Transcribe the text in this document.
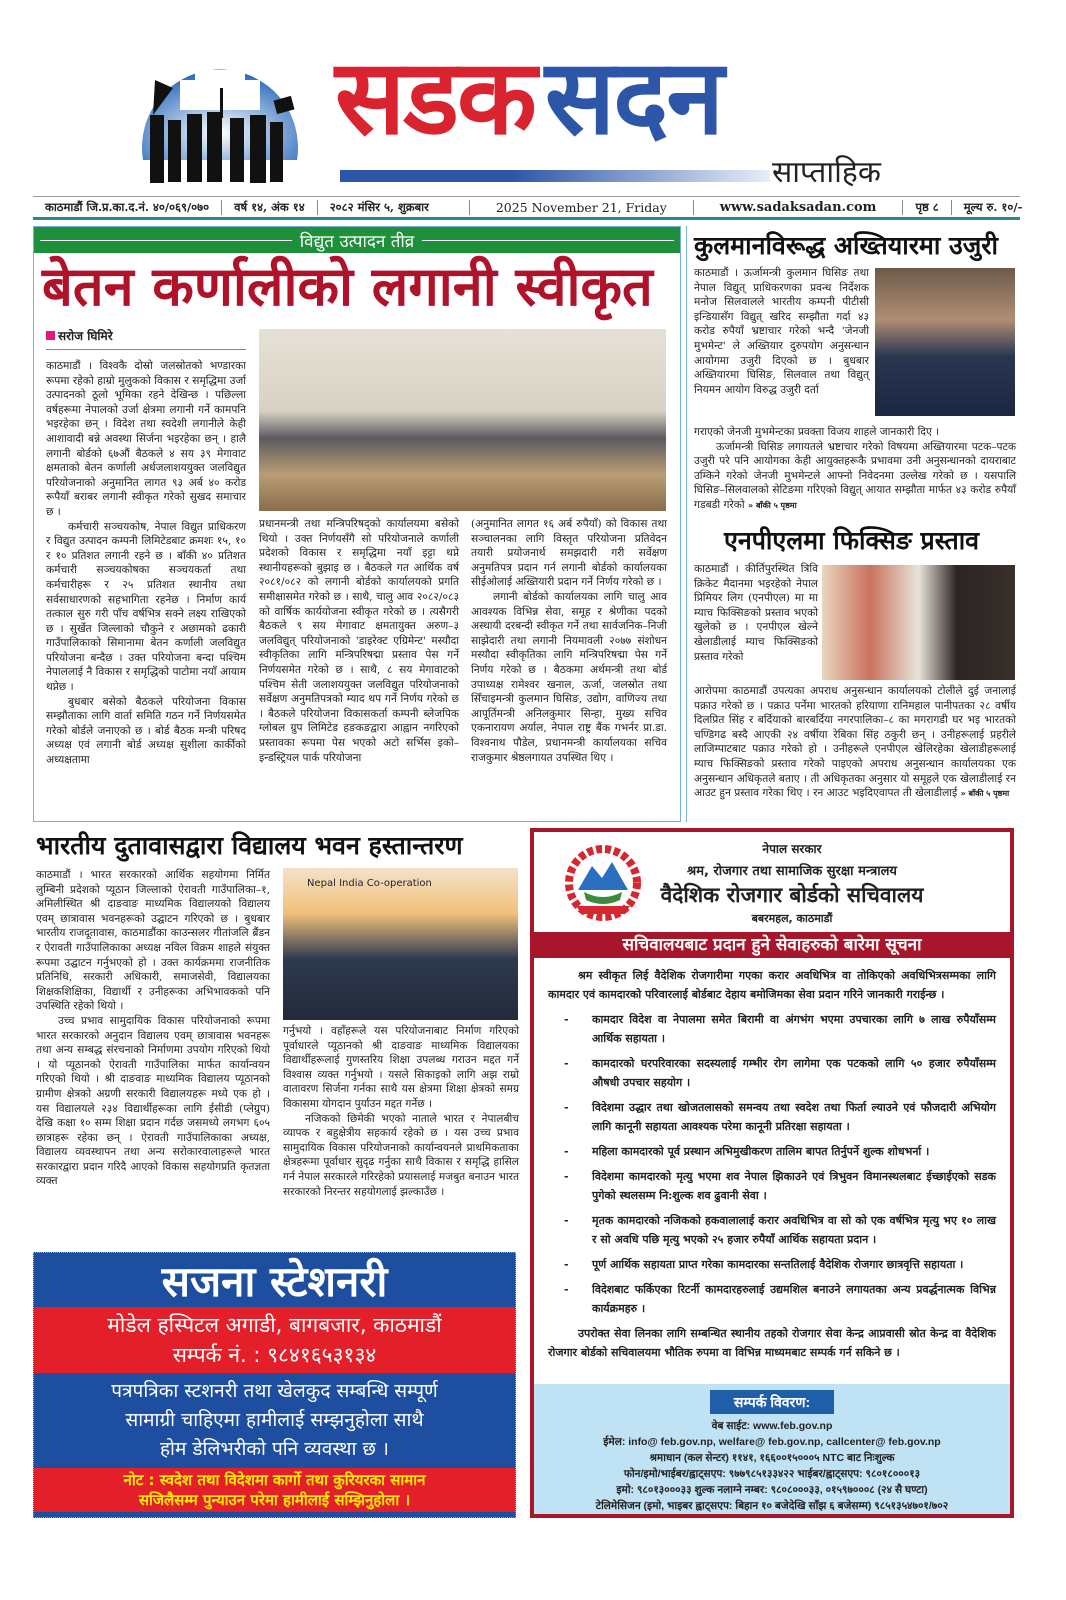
सडकसदन
साप्ताहिक
काठमाडौं जि.प्र.का.द.नं. ४०/०६९/०७०	वर्ष १४, अंक १४	२०८२ मंसिर ५, शुक्रबार	2025 November 21, Friday	www.sadaksadan.com	पृष्ठ ८	मूल्य रु. १०/-
विद्युत उत्पादन तीव्र
बेतन कर्णालीको लगानी स्वीकृत
सरोज घिमिरे

काठमाडौं । विश्वकै दोस्रो जलस्रोतको भण्डारका रूपमा रहेको हाम्रो मुलुकको विकास र समृद्धिमा उर्जा उत्पादनको ठूलो भूमिका रहने देखिन्छ । पछिल्ला वर्षहरूमा नेपालको उर्जा क्षेत्रमा लगानी गर्ने कामपनि भइरहेका छन् । विदेश तथा स्वदेशी लगानीले केही आशावादी बन्ने अवस्था सिर्जना भइरहेका छन् । हालै लगानी बोर्डको ६७औं बैठकले ४ सय ३९ मेगावाट क्षमताको बेतन कर्णाली अर्धजलाशययुक्त जलविद्युत परियोजनाको अनुमानित लागत ९३ अर्ब ४० करोड रूपैयाँ बराबर लगानी स्वीकृत गरेको सुखद समाचार छ ।

कर्मचारी सञ्चयकोष, नेपाल विद्युत प्राधिकरण र विद्युत उत्पादन कम्पनी लिमिटेडबाट क्रमशः १५, १० र १० प्रतिशत लगानी रहने छ । बाँकी ४० प्रतिशत कर्मचारी सञ्चयकोषका सञ्चयकर्ता तथा कर्मचारीहरू र २५ प्रतिशत स्थानीय तथा सर्वसाधारणको सहभागिता रहनेछ । निर्माण कार्य तत्काल सुरु गरी पाँच वर्षभित्र सक्ने लक्ष्य राखिएको छ । सुर्खेत जिल्लाको चौकुने र अछामको ढकारी गाउँपालिकाको सिमानामा बेतन कर्णाली जलविद्युत परियोजना बन्दैछ । उक्त परियोजना बन्दा पश्चिम नेपाललाई नै विकास र समृद्धिको पाटोमा नयाँ आयाम थप्नेछ ।

बुधबार बसेको बैठकले परियोजना विकास सम्झौताका लागि वार्ता समिति गठन गर्ने निर्णयसमेत गरेको बोर्डले जनाएको छ । बोर्ड बैठक मन्त्री परिषद अध्यक्ष एवं लगानी बोर्ड अध्यक्ष सुशीला कार्कीको अध्यक्षतामा

प्रधानमन्त्री तथा मन्त्रिपरिषद्को कार्यालयमा बसेको थियो । उक्त निर्णयसँगै सो परियोजनाले कर्णाली प्रदेशको विकास र समृद्धिमा नयाँ इट्टा थप्ने स्थानीयहरूको बुझाइ छ । बैठकले गत आर्थिक वर्ष २०८१/०८२ को लगानी बोर्डको कार्यालयको प्रगति समीक्षासमेत गरेको छ । साथै, चालु आव २०८२/०८३ को वार्षिक कार्ययोजना स्वीकृत गरेको छ । त्यसैगरी बैठकले ९ सय मेगावाट क्षमतायुक्त अरुण–३ जलविद्युत् परियोजनाको 'डाइरेक्ट एग्रिमेन्ट' मस्यौदा स्वीकृतिका लागि मन्त्रिपरिषद्मा प्रस्ताव पेस गर्ने निर्णयसमेत गरेको छ । साथै, ८ सय मेगावाटको पश्चिम सेती जलाशययुक्त जलविद्युत परियोजनाको सर्वेक्षण अनुमतिपत्रको म्याद थप गर्ने निर्णय गरेको छ । बैठकले परियोजना विकासकर्ता कम्पनी ब्लेजपिक ग्लोबल ग्रुप लिमिटेड हङकङद्वारा आह्वान नगरिएको प्रस्तावका रूपमा पेस भएको अटो सर्भिस इको–इन्डस्ट्रियल पार्क परियोजना

(अनुमानित लागत १६ अर्ब रुपैयाँ) को विकास तथा सञ्चालनका लागि विस्तृत परियोजना प्रतिवेदन तयारी प्रयोजनार्थ समझदारी गरी सर्वेक्षण अनुमतिपत्र प्रदान गर्न लगानी बोर्डको कार्यालयका सीईओलाई अख्तियारी प्रदान गर्ने निर्णय गरेको छ ।

लगानी बोर्डको कार्यालयका लागि चालु आव आवश्यक विभिन्न सेवा, समूह र श्रेणीका पदको अस्थायी दरबन्दी स्वीकृत गर्ने तथा सार्वजनिक–निजी साझेदारी तथा लगानी नियमावली २०७७ संशोधन मस्यौदा स्वीकृतिका लागि मन्त्रिपरिषद्मा पेस गर्ने निर्णय गरेको छ । बैठकमा अर्थमन्त्री तथा बोर्ड उपाध्यक्ष रामेश्वर खनाल, ऊर्जा, जलस्रोत तथा सिँचाइमन्त्री कुलमान घिसिङ, उद्योग, वाणिज्य तथा आपूर्तिमन्त्री अनिलकुमार सिन्हा, मुख्य सचिव एकनारायण अर्याल, नेपाल राष्ट्र बैंक गभर्नर प्रा.डा. विश्वनाथ पौडेल, प्रधानमन्त्री कार्यालयका सचिव राजकुमार श्रेष्ठलगायत उपस्थित थिए ।

कुलमानविरूद्ध अख्तियारमा उजुरी
काठमाडौं । ऊर्जामन्त्री कुलमान घिसिङ तथा नेपाल विद्युत् प्राधिकरणका प्रवन्ध निर्देशक मनोज सिलवालले भारतीय कम्पनी पीटीसी इन्डियासँग विद्युत् खरिद सम्झौता गर्दा ४३ करोड रुपैयाँ भ्रष्टाचार गरेको भन्दै 'जेनजी मुभमेन्ट' ले अख्तियार दुरुपयोग अनुसन्धान आयोगमा उजुरी दिएको छ । बुधबार अख्तियारमा घिसिङ, सिलवाल तथा विद्युत् नियमन आयोग विरुद्ध उजुरी दर्ता

गराएको जेनजी मुभमेन्टका प्रवक्ता विजय शाहले जानकारी दिए ।

ऊर्जामन्त्री घिसिङ लगायतले भ्रष्टाचार गरेको विषयमा अख्तियारमा पटक–पटक उजुरी परे पनि आयोगका केही आयुक्तहरूकै प्रभावमा उनी अनुसन्धानको दायराबाट उम्किने गरेको जेनजी मुभमेन्टले आफ्नो निवेदनमा उल्लेख गरेको छ । यसपालि घिसिङ–सिलवालको सेटिङमा गरिएको विद्युत् आयात सम्झौता मार्फत ४३ करोड रुपैयाँ गडबडी गरेको » बाँकी ५ पृष्ठमा

एनपीएलमा फिक्सिङ प्रस्ताव
काठमाडौं । कीर्तिपुरस्थित त्रिवि क्रिकेट मैदानमा भइरहेको नेपाल प्रिमियर लिग (एनपीएल) मा मा म्याच फिक्सिङको प्रस्ताव भएको खुलेको छ । एनपीएल खेल्ने खेलाडीलाई म्याच फिक्सिङको प्रस्ताव गरेको

आरोपमा काठमाडौं उपत्यका अपराध अनुसन्धान कार्यालयको टोलीले दुई जनालाई पक्राउ गरेको छ । पक्राउ पर्नेमा भारतको हरियाणा रानिमहाल पानीपतका २८ वर्षीय दिलप्रित सिंह र बर्दियाको बारबर्दिया नगरपालिका–८ का मगरागडी घर भइ भारतको चण्डिगढ बस्दै आएकी २४ वर्षीया रेबिका सिंह ठकुरी छन् । उनीहरूलाई प्रहरीले लाजिम्पाटबाट पक्राउ गरेको हो । उनीहरूले एनपीएल खेलिरहेका खेलाडीहरूलाई म्याच फिक्सिङको प्रस्ताव गरेको पाइएको अपराध अनुसन्धान कार्यालयका एक अनुसन्धान अधिकृतले बताए । ती अधिकृतका अनुसार यो समूहले एक खेलाडीलाई रन आउट हुन प्रस्ताव गरेका थिए । रन आउट भइदिएवापत ती खेलाडीलाई » बाँकी ५ पृष्ठमा

भारतीय दुतावासद्वारा विद्यालय भवन हस्तान्तरण

काठमाडौं । भारत सरकारको आर्थिक सहयोगमा निर्मित लुम्बिनी प्रदेशको प्यूठान जिल्लाको ऐरावती गाउँपालिका–१, अमिलीस्थित श्री दाङवाङ माध्यमिक विद्यालयको विद्यालय एवम् छात्रावास भवनहरूको उद्घाटन गरिएको छ । बुधबार भारतीय राजदूतावास, काठमाडौंका काउन्सलर गीतांजलि ब्रैंडन र ऐरावती गाउँपालिकाका अध्यक्ष नविल विक्रम शाहले संयुक्त रूपमा उद्घाटन गर्नुभएको हो । उक्त कार्यक्रममा राजनीतिक प्रतिनिधि, सरकारी अधिकारी, समाजसेवी, विद्यालयका शिक्षकशिक्षिका, विद्यार्थी र उनीहरूका अभिभावकको पनि उपस्थिति रहेको थियो ।

उच्च प्रभाव सामुदायिक विकास परियोजनाको रूपमा भारत सरकारको अनुदान विद्यालय एवम् छात्रावास भवनहरू तथा अन्य सम्बद्ध संरचनाको निर्माणमा उपयोग गरिएको थियो । यो प्यूठानको ऐरावती गाउँपालिका मार्फत कार्यान्वयन गरिएको थियो । श्री दाङवाङ माध्यमिक विद्यालय प्यूठानको ग्रामीण क्षेत्रको अग्रणी सरकारी विद्यालयहरू मध्ये एक हो । यस विद्यालयले २३४ विद्यार्थीहरूका लागि ईसीडी (प्लेग्रुप) देखि कक्षा १० सम्म शिक्षा प्रदान गर्दछ जसमध्ये लगभग ६०५ छात्राहरू रहेका छन् । ऐरावती गाउँपालिकाका अध्यक्ष, विद्यालय व्यवस्थापन तथा अन्य सरोकारवालाहरूले भारत सरकारद्वारा प्रदान गरिदै आएको विकास सहयोगप्रति कृतज्ञता व्यक्त

Nepal India Co-operation

गर्नुभयो । वहाँहरूले यस परियोजनाबाट निर्माण गरिएको पूर्वाधारले प्यूठानको श्री दाङवाङ माध्यमिक विद्यालयका विद्यार्थीहरूलाई गुणस्तरिय शिक्षा उपलब्ध गराउन मद्दत गर्ने विश्वास व्यक्त गर्नुभयो । यसले सिकाइको लागि अझ राम्रो वातावरण सिर्जना गर्नका साथै यस क्षेत्रमा शिक्षा क्षेत्रको समग्र विकासमा योगदान पुर्याउन मद्दत गर्नेछ ।

नजिकको छिमेकी भएको नाताले भारत र नेपालबीच व्यापक र बहुक्षेत्रीय सहकार्य रहेको छ । यस उच्च प्रभाव सामुदायिक विकास परियोजनाको कार्यान्वयनले प्राथमिकताका क्षेत्रहरूमा पूर्वाधार सुदृढ गर्नुका साथै विकास र समृद्धि हासिल गर्न नेपाल सरकारले गरिरहेको प्रयासलाई मजबुत बनाउन भारत सरकारको निरन्तर सहयोगलाई झल्काउँछ ।

सजना स्टेशनरी
मोडेल हस्पिटल अगाडी, बागबजार, काठमाडौं
सम्पर्क नं. : ९८४१६५३१३४
पत्रपत्रिका स्टशनरी तथा खेलकुद सम्बन्धि सम्पूर्ण
सामाग्री चाहिएमा हामीलाई सम्झनुहोला साथै
होम डेलिभरीको पनि व्यवस्था छ ।
नोट : स्वदेश तथा विदेशमा कार्गो तथा कुरियरका सामान
सजिलैसम्म पुन्याउन परेमा हामीलाई सम्झिनुहोला ।
नेपाल सरकार
श्रम, रोजगार तथा सामाजिक सुरक्षा मन्त्रालय
वैदेशिक रोजगार बोर्डको सचिवालय
बबरमहल, काठमाडौं
सचिवालयबाट प्रदान हुने सेवाहरुको बारेमा सूचना

श्रम स्वीकृत लिई वैदेशिक रोजगारीमा गएका करार अवधिभित्र वा तोकिएको अवधिभित्रसम्मका लागि कामदार एवं कामदारको परिवारलाई बोर्डबाट देहाय बमोजिमका सेवा प्रदान गरिने जानकारी गराईन्छ ।

- कामदार विदेश वा नेपालमा समेत बिरामी वा अंगभंग भएमा उपचारका लागि ७ लाख रुपैयाँसम्म आर्थिक सहायता ।
- कामदारको घरपरिवारका सदस्यलाई गम्भीर रोग लागेमा एक पटकको लागि ५० हजार रुपैयाँसम्म औषधी उपचार सहयोग ।
- विदेशमा उद्धार तथा खोजतलासको समन्वय तथा स्वदेश तथा फिर्ता ल्याउने एवं फौजदारी अभियोग लागि कानूनी सहायता आवश्यक परेमा कानूनी प्रतिरक्षा सहायता ।
- महिला कामदारको पूर्व प्रस्थान अभिमुखीकरण तालिम बापत तिर्नुपर्ने शुल्क शोधभर्ना ।
- विदेशमा कामदारको मृत्यु भएमा शव नेपाल झिकाउने एवं त्रिभुवन विमानस्थलबाट ईच्छाईएको सडक पुगेको स्थलसम्म नि:शुल्क शव ढुवानी सेवा ।
- मृतक कामदारको नजिकको हकवालालाई करार अवधिभित्र वा सो को एक वर्षभित्र मृत्यु भए १० लाख र सो अवधि पछि मृत्यु भएको २५ हजार रुपैयाँ आर्थिक सहायता प्रदान ।
- पूर्ण आर्थिक सहायता प्राप्त गरेका कामदारका सन्ततिलाई वैदेशिक रोजगार छात्रवृत्ति सहायता ।
- विदेशबाट फर्किएका रिटर्नी कामदारहरुलाई उद्यमशिल बनाउने लगायतका अन्य प्रवर्द्धनात्मक विभिन्न कार्यक्रमहरु ।

उपरोक्त सेवा लिनका लागि सम्बन्धित स्थानीय तहको रोजगार सेवा केन्द्र आप्रवासी स्रोत केन्द्र वा वैदेशिक रोजगार बोर्डको सचिवालयमा भौतिक रुपमा वा विभिन्न माध्यमबाट सम्पर्क गर्न सकिने छ ।

सम्पर्क विवरण:
वेब साईट: www.feb.gov.np
ईमेल: info@ feb.gov.np, welfare@ feb.gov.np, callcenter@ feb.gov.np
श्रमाधान (कल सेन्टर) ११४१, १६६००१५०००५ NTC बाट निःशुल्क
फोन/इमो/भाईबर/ह्वाट्सएप: ९७७९८५१३३४२२ भाईबर/ह्वाट्सएप: ९८०१८०००१३
इमो: ९८०१३०००३३ शुल्क नलाग्ने नम्बर: ९८०८०००३३, ०१५९७०००८ (२४ सै घण्टा)
टेलिमेसिजन (इमो, भाइबर ह्वाट्सएप: बिहान १० बजेदेखि साँझ ६ बजेसम्म) ९८५१३५४७०१/७०२
